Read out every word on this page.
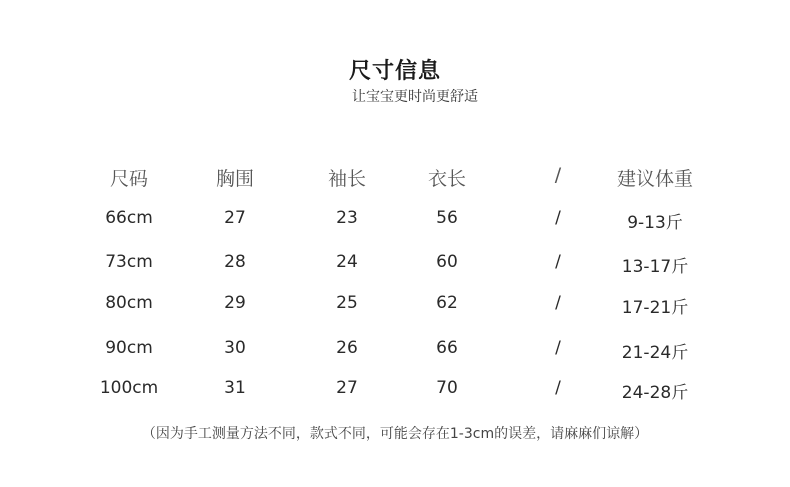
尺寸信息
让宝宝更时尚更舒适
尺码	胸围	袖长	衣长	/	建议体重
66cm	27	23	56	/	9-13斤
73cm	28	24	60	/	13-17斤
80cm	29	25	62	/	17-21斤
90cm	30	26	66	/	21-24斤
100cm	31	27	70	/	24-28斤
（因为手工测量方法不同，款式不同，可能会存在1-3cm的误差，请麻麻们谅解）
